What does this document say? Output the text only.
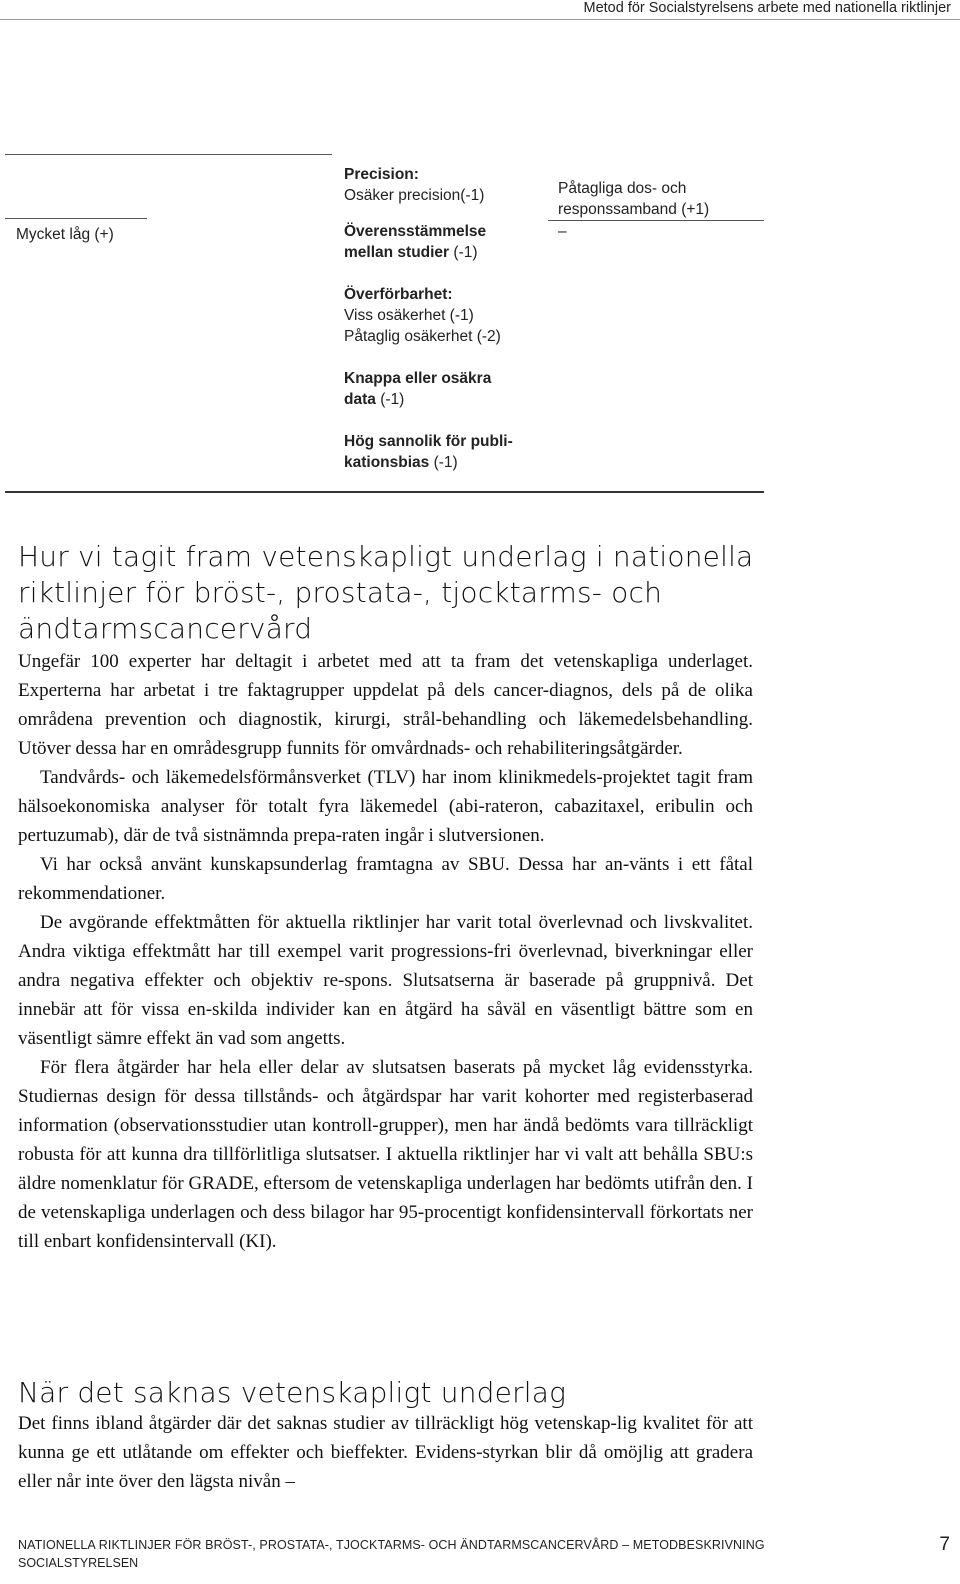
Metod för Socialstyrelsens arbete med nationella riktlinjer
Mycket låg (+)
Precision:
Osäker precision(-1)
Överensstämmelse mellan studier (-1)
Överförbarhet:
Viss osäkerhet (-1)
Påtaglig osäkerhet (-2)
Knappa eller osäkra data (-1)
Hög sannolik för publi-kationsbias (-1)
Påtagliga dos- och responssamband (+1)
–
Hur vi tagit fram vetenskapligt underlag i nationella riktlinjer för bröst-, prostata-, tjocktarms- och ändtarmscancervård

Ungefär 100 experter har deltagit i arbetet med att ta fram det vetenskapliga underlaget. Experterna har arbetat i tre faktagrupper uppdelat på dels cancer-diagnos, dels på de olika områdena prevention och diagnostik, kirurgi, strål-behandling och läkemedelsbehandling. Utöver dessa har en områdesgrupp funnits för omvårdnads- och rehabiliteringsåtgärder.

Tandvårds- och läkemedelsförmånsverket (TLV) har inom klinikmedels-projektet tagit fram hälsoekonomiska analyser för totalt fyra läkemedel (abi-rateron, cabazitaxel, eribulin och pertuzumab), där de två sistnämnda prepa-raten ingår i slutversionen.

Vi har också använt kunskapsunderlag framtagna av SBU. Dessa har an-vänts i ett fåtal rekommendationer.

De avgörande effektmåtten för aktuella riktlinjer har varit total överlevnad och livskvalitet. Andra viktiga effektmått har till exempel varit progressions-fri överlevnad, biverkningar eller andra negativa effekter och objektiv re-spons. Slutsatserna är baserade på gruppnivå. Det innebär att för vissa en-skilda individer kan en åtgärd ha såväl en väsentligt bättre som en väsentligt sämre effekt än vad som angetts.

För flera åtgärder har hela eller delar av slutsatsen baserats på mycket låg evidensstyrka. Studiernas design för dessa tillstånds- och åtgärdspar har varit kohorter med registerbaserad information (observationsstudier utan kontroll-grupper), men har ändå bedömts vara tillräckligt robusta för att kunna dra tillförlitliga slutsatser. I aktuella riktlinjer har vi valt att behålla SBU:s äldre nomenklatur för GRADE, eftersom de vetenskapliga underlagen har bedömts utifrån den. I de vetenskapliga underlagen och dess bilagor har 95-procentigt konfidensintervall förkortats ner till enbart konfidensintervall (KI).

När det saknas vetenskapligt underlag

Det finns ibland åtgärder där det saknas studier av tillräckligt hög vetenskap-lig kvalitet för att kunna ge ett utlåtande om effekter och bieffekter. Evidens-styrkan blir då omöjlig att gradera eller når inte över den lägsta nivån –

NATIONELLA RIKTLINJER FÖR BRÖST-, PROSTATA-, TJOCKTARMS- OCH ÄNDTARMSCANCERVÅRD – METODBESKRIVNING
SOCIALSTYRELSEN
7
